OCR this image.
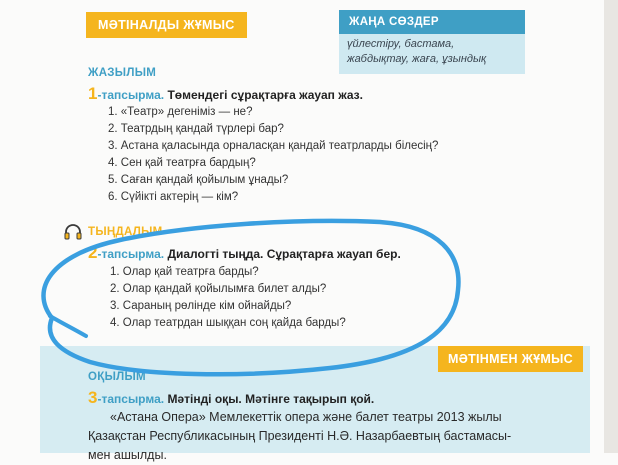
МӘТІНАЛДЫ ЖҰМЫС	ЖАҢА СӨЗДЕР
үйлестіру, бастама,
жабдықтау, жаға, ұзындық
ЖАЗЫЛЫМ
1-тапсырма. Төмендегі сұрақтарға жауап жаз.
1. «Театр» дегеніміз — не?
2. Театрдың қандай түрлері бар?
3. Астана қаласында орналасқан қандай театрларды білесің?
4. Сен қай театрға бардың?
5. Саған қандай қойылым ұнады?
6. Сүйікті актерің — кім?
ТЫҢДАЛЫМ
2-тапсырма. Диалогті тыңда. Сұрақтарға жауап бер.
1. Олар қай театрға барды?
2. Олар қандай қойылымға билет алды?
3. Сараның рөлінде кім ойнайды?
4. Олар театрдан шыққан соң қайда барды?
МӘТІНМЕН ЖҰМЫС
ОҚЫЛЫМ
3-тапсырма. Мәтінді оқы. Мәтінге тақырып қой.
«Астана Опера» Мемлекеттік опера және балет театры 2013 жылы
Қазақстан Республикасының Президенті Н.Ә. Назарбаевтың бастамасы-
мен ашылды.
